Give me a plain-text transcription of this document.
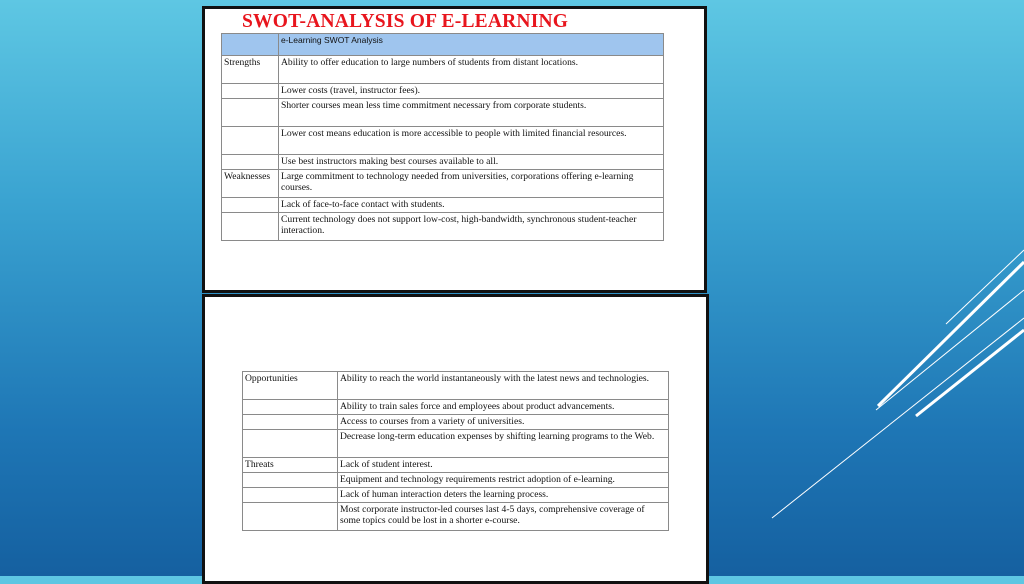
SWOT-ANALYSIS OF E-LEARNING
	e-Learning SWOT Analysis
Strengths	Ability to offer education to large numbers of students from distant locations.
	Lower costs (travel, instructor fees).
	Shorter courses mean less time commitment necessary from corporate students.
	Lower cost means education is more accessible to people with limited financial resources.
	Use best instructors making best courses available to all.
Weaknesses	Large commitment to technology needed from universities, corporations offering e-learning courses.
	Lack of face-to-face contact with students.
	Current technology does not support low-cost, high-bandwidth, synchronous student-teacher interaction.
Opportunities	Ability to reach the world instantaneously with the latest news and technologies.
	Ability to train sales force and employees about product advancements.
	Access to courses from a variety of universities.
	Decrease long-term education expenses by shifting learning programs to the Web.
Threats	Lack of student interest.
	Equipment and technology requirements restrict adoption of e-learning.
	Lack of human interaction deters the learning process.
	Most corporate instructor-led courses last 4-5 days, comprehensive coverage of some topics could be lost in a shorter e-course.
